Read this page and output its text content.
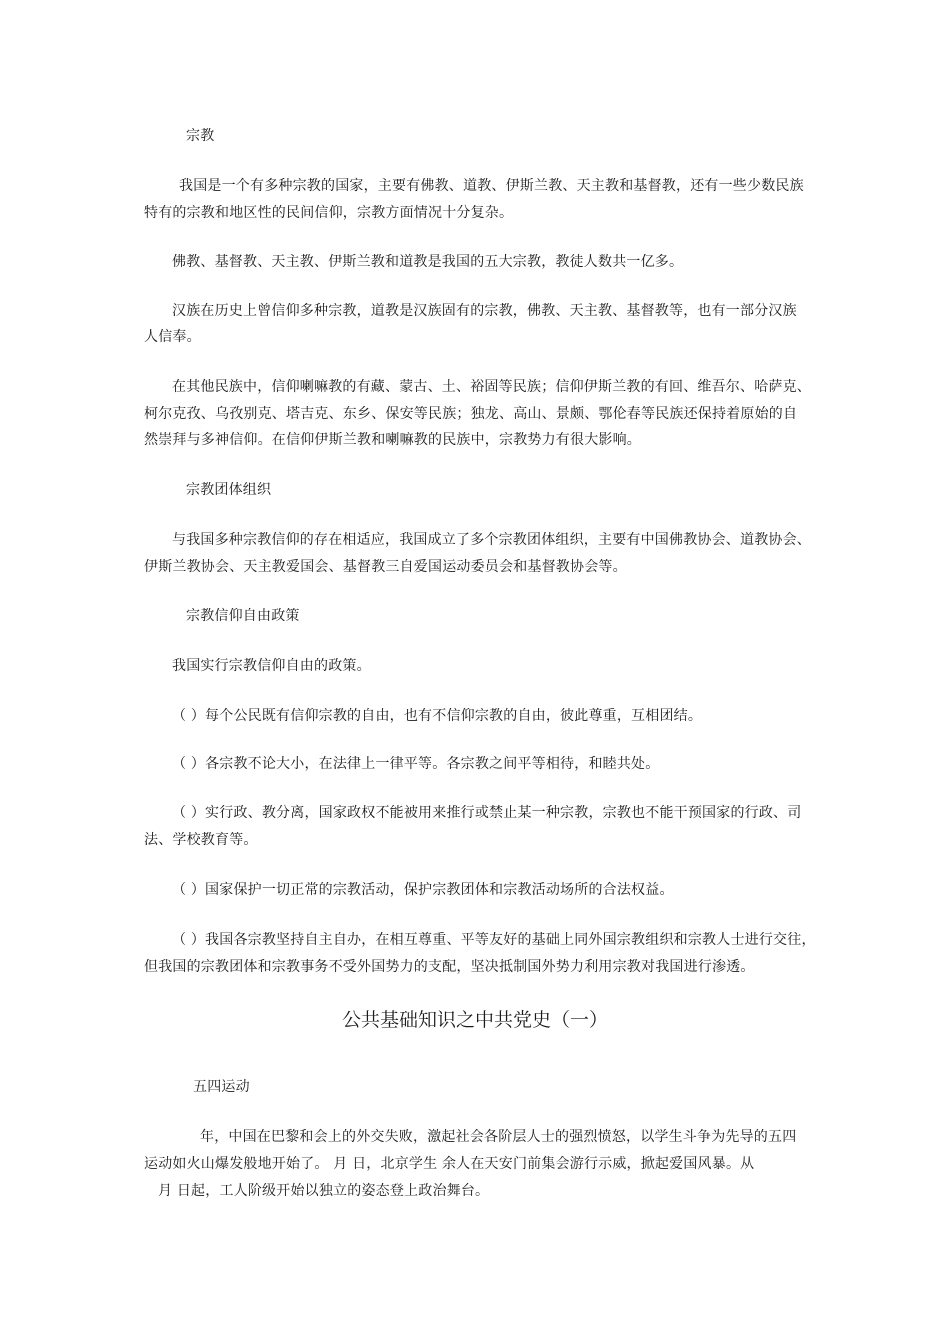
宗教
我国是一个有多种宗教的国家，主要有佛教、道教、伊斯兰教、天主教和基督教，还有一些少数民族
特有的宗教和地区性的民间信仰，宗教方面情况十分复杂。
佛教、基督教、天主教、伊斯兰教和道教是我国的五大宗教，教徒人数共一亿多。
汉族在历史上曾信仰多种宗教，道教是汉族固有的宗教，佛教、天主教、基督教等，也有一部分汉族
人信奉。
在其他民族中，信仰喇嘛教的有藏、蒙古、土、裕固等民族；信仰伊斯兰教的有回、维吾尔、哈萨克、
柯尔克孜、乌孜别克、塔吉克、东乡、保安等民族；独龙、高山、景颇、鄂伦春等民族还保持着原始的自
然崇拜与多神信仰。在信仰伊斯兰教和喇嘛教的民族中，宗教势力有很大影响。
宗教团体组织
与我国多种宗教信仰的存在相适应，我国成立了多个宗教团体组织，主要有中国佛教协会、道教协会、
伊斯兰教协会、天主教爱国会、基督教三自爱国运动委员会和基督教协会等。
宗教信仰自由政策
我国实行宗教信仰自由的政策。
（ ）每个公民既有信仰宗教的自由，也有不信仰宗教的自由，彼此尊重，互相团结。
（ ）各宗教不论大小，在法律上一律平等。各宗教之间平等相待，和睦共处。
（ ）实行政、教分离，国家政权不能被用来推行或禁止某一种宗教，宗教也不能干预国家的行政、司
法、学校教育等。
（ ）国家保护一切正常的宗教活动，保护宗教团体和宗教活动场所的合法权益。
（ ）我国各宗教坚持自主自办，在相互尊重、平等友好的基础上同外国宗教组织和宗教人士进行交往，
但我国的宗教团体和宗教事务不受外国势力的支配，坚决抵制国外势力利用宗教对我国进行渗透。
公共基础知识之中共党史（一）
五四运动
年，中国在巴黎和会上的外交失败，激起社会各阶层人士的强烈愤怒，以学生斗争为先导的五四
运动如火山爆发般地开始了。 月 日，北京学生 余人在天安门前集会游行示威，掀起爱国风暴。从
月 日起，工人阶级开始以独立的姿态登上政治舞台。
